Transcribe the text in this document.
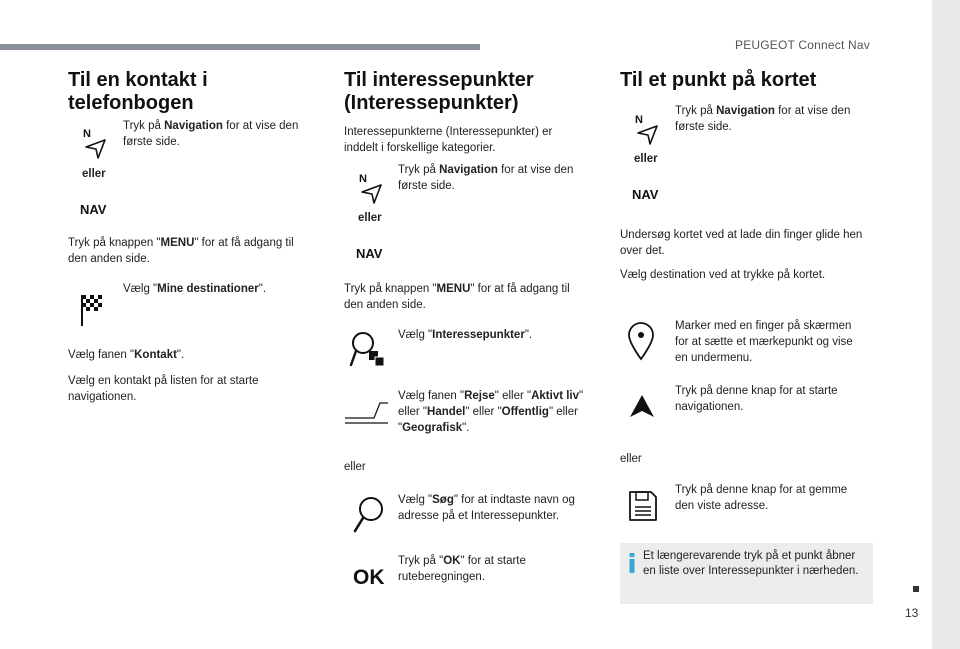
PEUGEOT Connect Nav
13
Til en kontakt i
telefonbogen
N
Tryk på Navigation for at vise den
første side.
eller
NAV
Tryk på knappen "MENU" for at få adgang til
den anden side.
Vælg "Mine destinationer".
Vælg fanen "Kontakt".
Vælg en kontakt på listen for at starte
navigationen.
Til interessepunkter
(Interessepunkter)
Interessepunkterne (Interessepunkter) er
inddelt i forskellige kategorier.
N
Tryk på Navigation for at vise den
første side.
eller
NAV
Tryk på knappen "MENU" for at få adgang til
den anden side.
Vælg "Interessepunkter".
Vælg fanen "Rejse" eller "Aktivt liv"
eller "Handel" eller "Offentlig" eller
"Geografisk".
eller
Vælg "Søg" for at indtaste navn og
adresse på et Interessepunkter.
OK
Tryk på "OK" for at starte
ruteberegningen.
Til et punkt på kortet
N
Tryk på Navigation for at vise den
første side.
eller
NAV
Undersøg kortet ved at lade din finger glide hen
over det.
Vælg destination ved at trykke på kortet.
Marker med en finger på skærmen
for at sætte et mærkepunkt og vise
en undermenu.
Tryk på denne knap for at starte
navigationen.
eller
Tryk på denne knap for at gemme
den viste adresse.
Et længerevarende tryk på et punkt åbner
en liste over Interessepunkter i nærheden.
